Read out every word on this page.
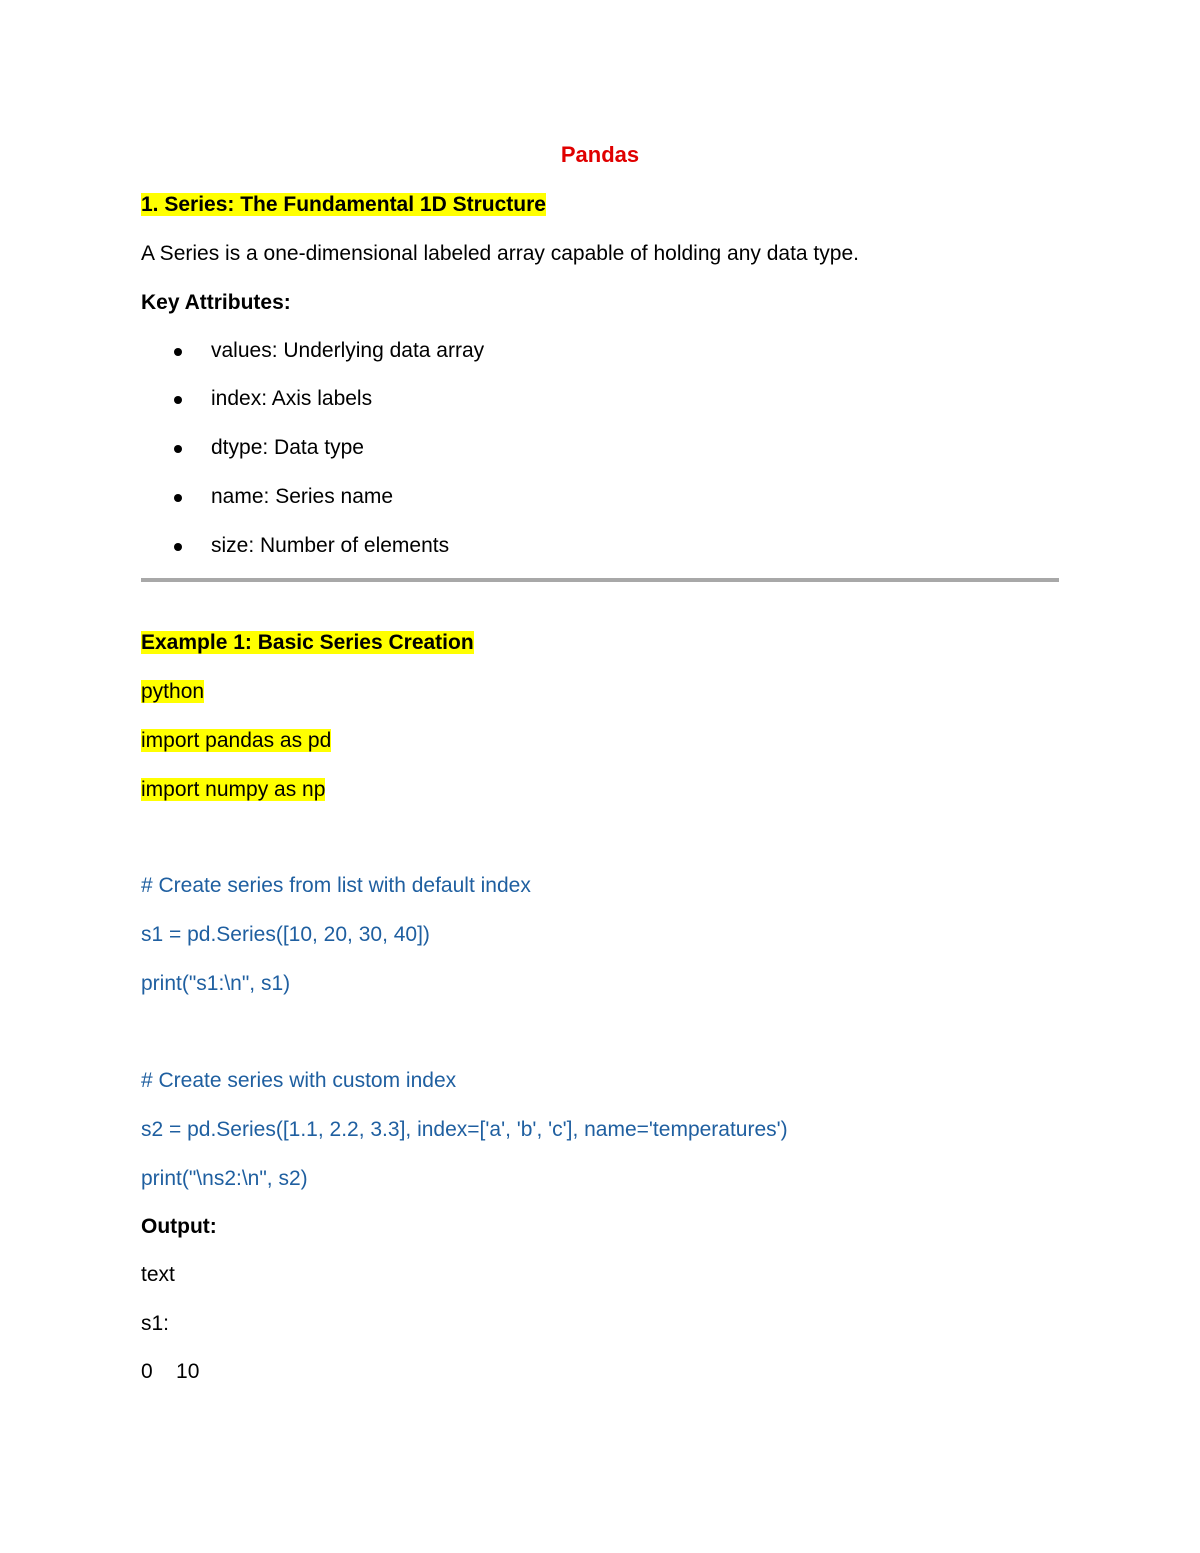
Pandas
1. Series: The Fundamental 1D Structure
A Series is a one-dimensional labeled array capable of holding any data type.
Key Attributes:
values: Underlying data array
index: Axis labels
dtype: Data type
name: Series name
size: Number of elements
Example 1: Basic Series Creation
python
import pandas as pd
import numpy as np
# Create series from list with default index
s1 = pd.Series([10, 20, 30, 40])
print("s1:\n", s1)
# Create series with custom index
s2 = pd.Series([1.1, 2.2, 3.3], index=['a', 'b', 'c'], name='temperatures')
print("\ns2:\n", s2)
Output:
text
s1:
0    10
